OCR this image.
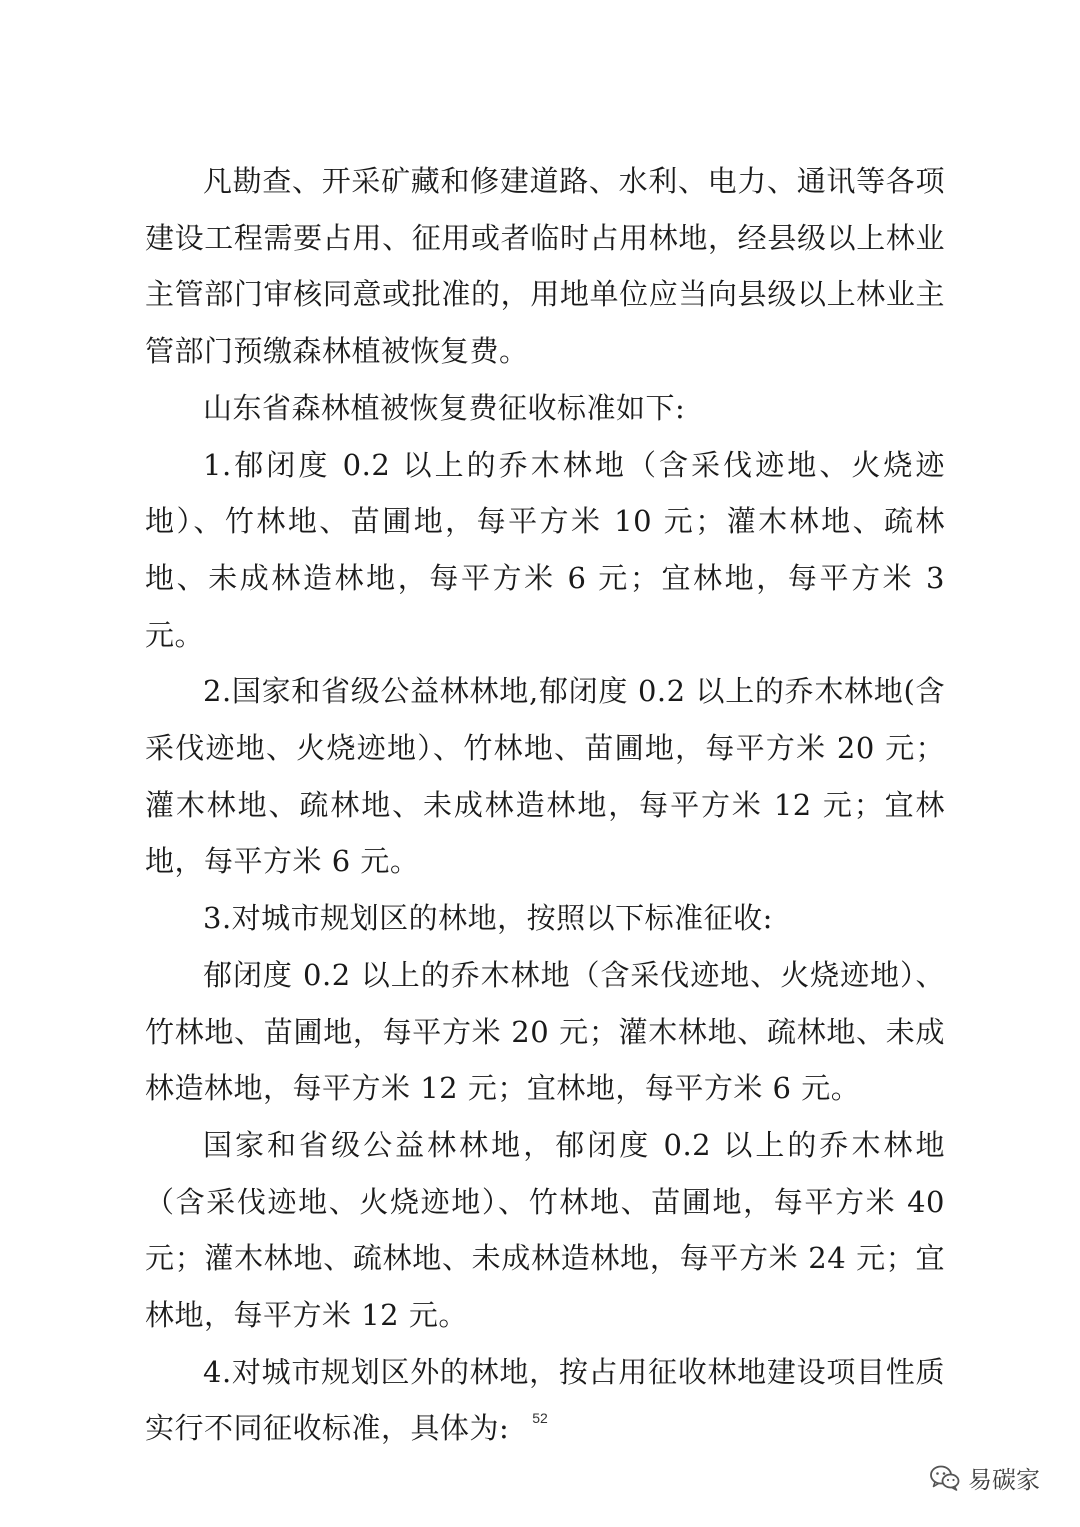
凡勘查、开采矿藏和修建道路、水利、电力、通讯等各项建设工程需要占用、征用或者临时占用林地，经县级以上林业主管部门审核同意或批准的，用地单位应当向县级以上林业主管部门预缴森林植被恢复费。

山东省森林植被恢复费征收标准如下:

1.郁闭度 0.2 以上的乔木林地（含采伐迹地、火烧迹地）、竹林地、苗圃地，每平方米 10 元；灌木林地、疏林地、未成林造林地，每平方米 6 元；宜林地，每平方米 3 元。

2.国家和省级公益林林地,郁闭度 0.2 以上的乔木林地(含采伐迹地、火烧迹地）、竹林地、苗圃地，每平方米 20 元；灌木林地、疏林地、未成林造林地，每平方米 12 元；宜林地，每平方米 6 元。

3.对城市规划区的林地，按照以下标准征收:

郁闭度 0.2 以上的乔木林地（含采伐迹地、火烧迹地）、竹林地、苗圃地，每平方米 20 元；灌木林地、疏林地、未成林造林地，每平方米 12 元；宜林地，每平方米 6 元。

国家和省级公益林林地，郁闭度 0.2 以上的乔木林地（含采伐迹地、火烧迹地）、竹林地、苗圃地，每平方米 40 元；灌木林地、疏林地、未成林造林地，每平方米 24 元；宜林地，每平方米 12 元。

4.对城市规划区外的林地，按占用征收林地建设项目性质实行不同征收标准，具体为:	52
易碳家
